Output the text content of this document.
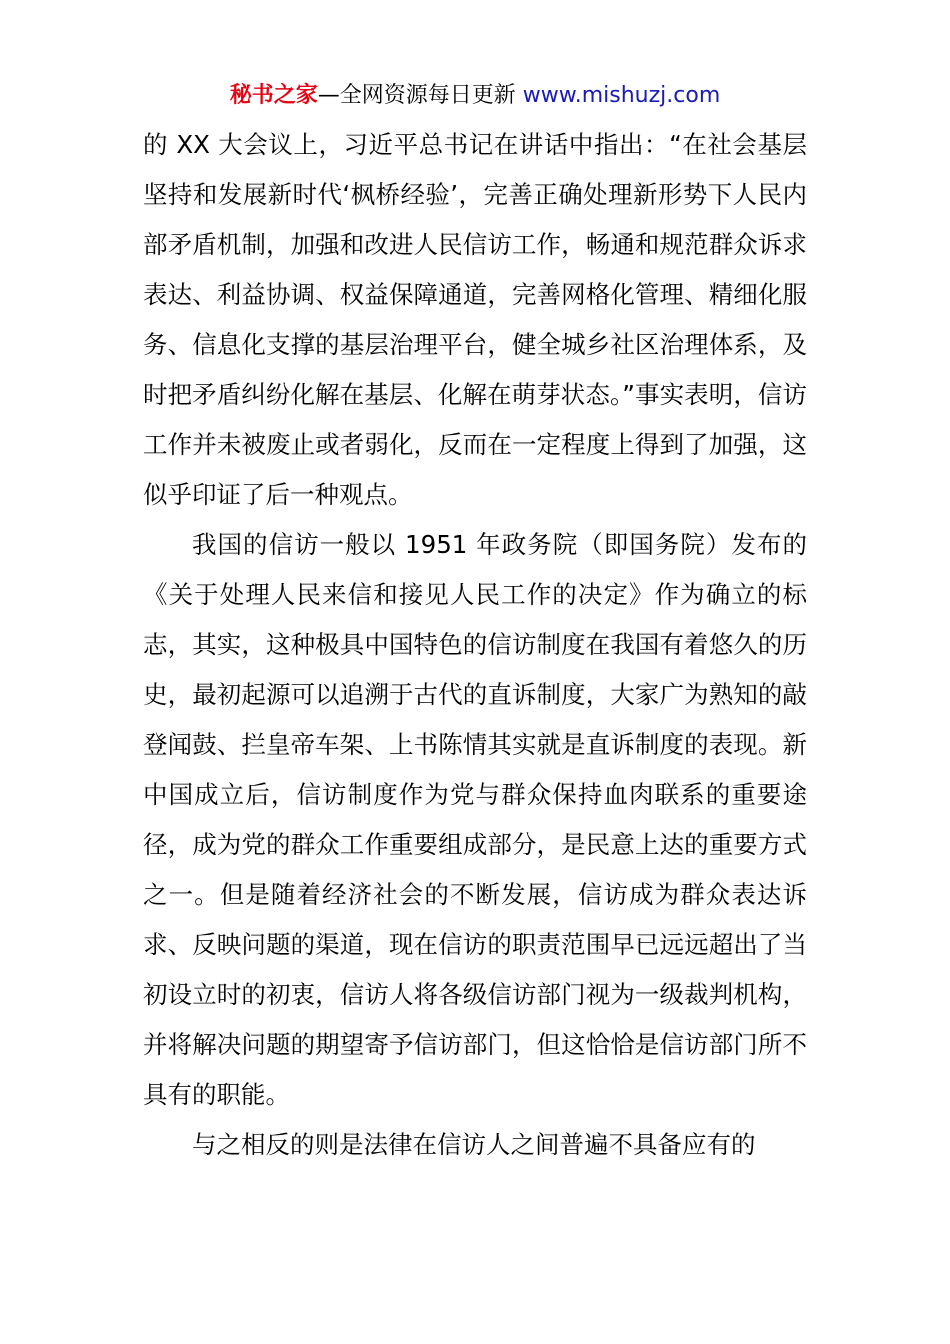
秘书之家—全网资源每日更新 www.mishuzj.com

的 XX 大会议上，习近平总书记在讲话中指出：“在社会基层坚持和发展新时代‘枫桥经验’，完善正确处理新形势下人民内部矛盾机制，加强和改进人民信访工作，畅通和规范群众诉求表达、利益协调、权益保障通道，完善网格化管理、精细化服务、信息化支撑的基层治理平台，健全城乡社区治理体系，及时把矛盾纠纷化解在基层、化解在萌芽状态。”事实表明，信访工作并未被废止或者弱化，反而在一定程度上得到了加强，这似乎印证了后一种观点。

我国的信访一般以 1951 年政务院（即国务院）发布的《关于处理人民来信和接见人民工作的决定》作为确立的标志，其实，这种极具中国特色的信访制度在我国有着悠久的历史，最初起源可以追溯于古代的直诉制度，大家广为熟知的敲登闻鼓、拦皇帝车架、上书陈情其实就是直诉制度的表现。新中国成立后，信访制度作为党与群众保持血肉联系的重要途径，成为党的群众工作重要组成部分，是民意上达的重要方式之一。但是随着经济社会的不断发展，信访成为群众表达诉求、反映问题的渠道，现在信访的职责范围早已远远超出了当初设立时的初衷，信访人将各级信访部门视为一级裁判机构，并将解决问题的期望寄予信访部门，但这恰恰是信访部门所不具有的职能。

与之相反的则是法律在信访人之间普遍不具备应有的
